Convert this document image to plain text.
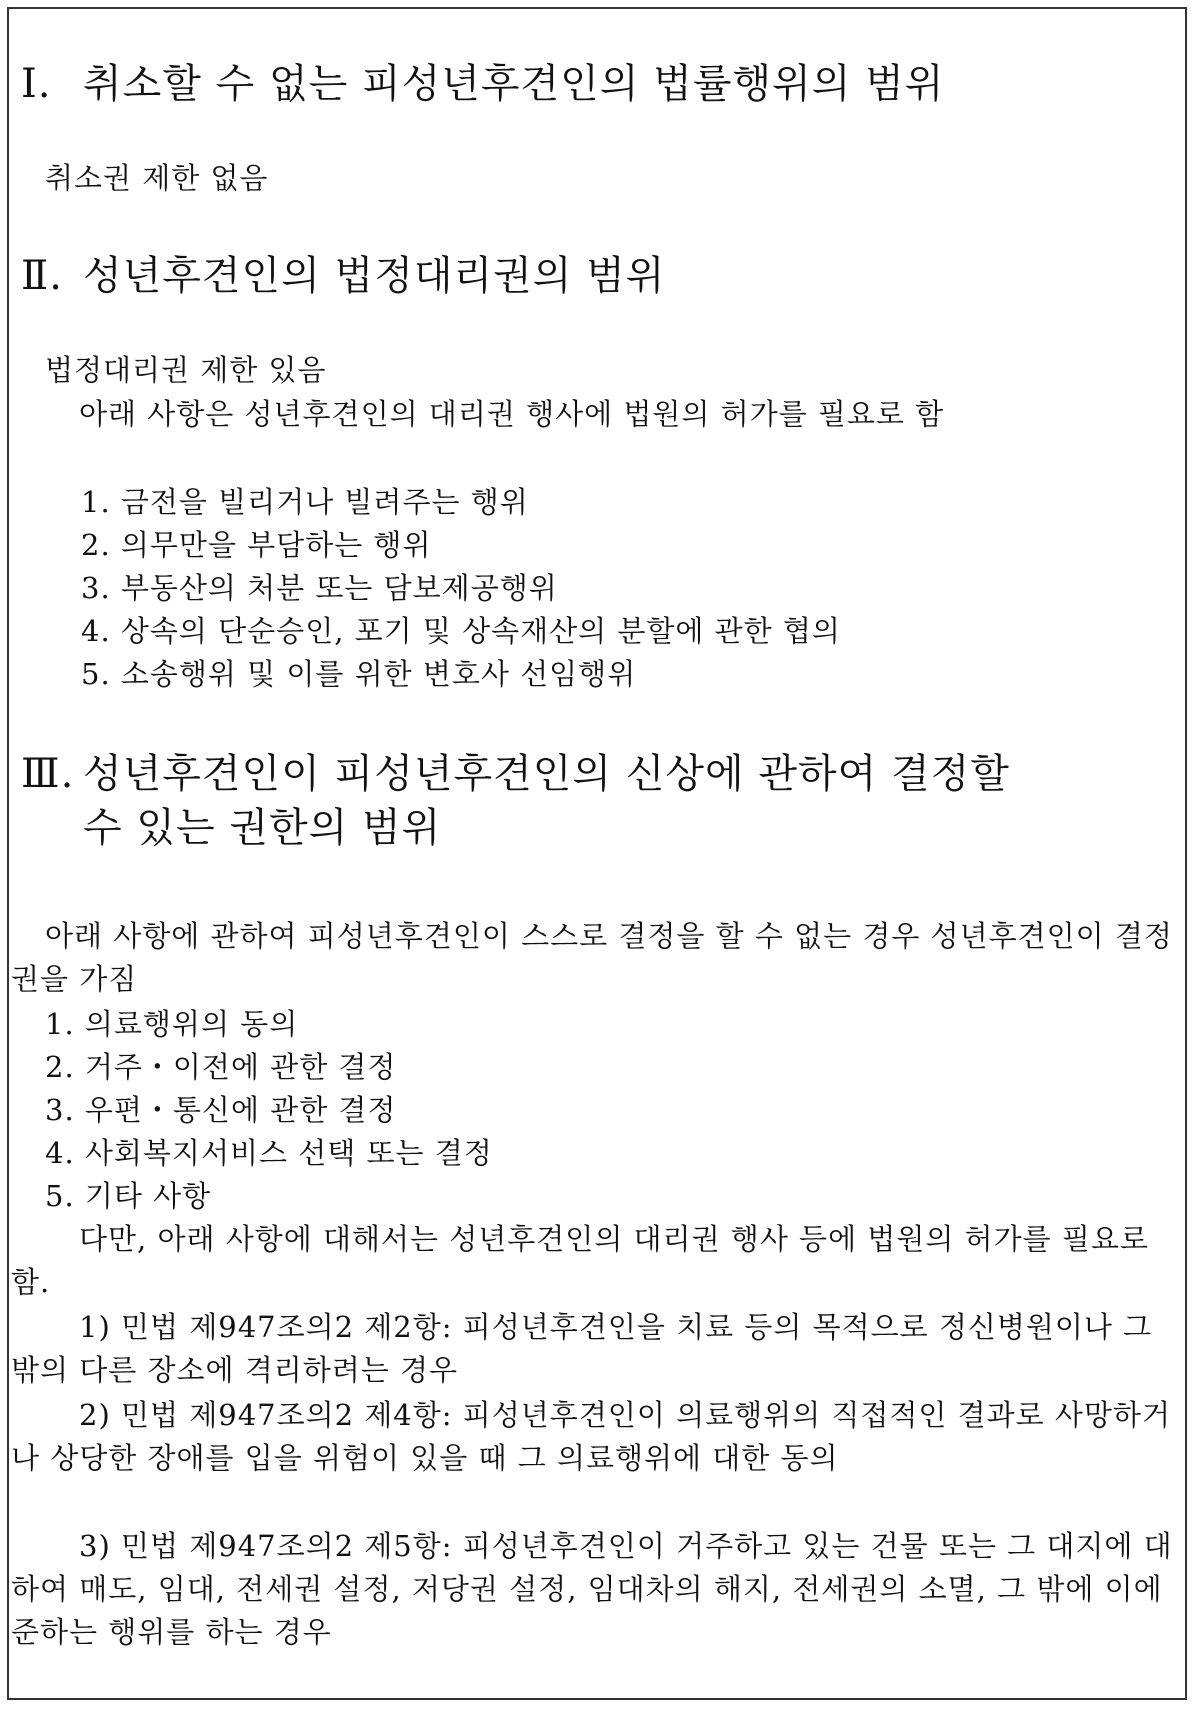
Ⅰ. 취소할 수 없는 피성년후견인의 법률행위의 범위
취소권 제한 없음
Ⅱ. 성년후견인의 법정대리권의 범위
법정대리권 제한 있음
아래 사항은 성년후견인의 대리권 행사에 법원의 허가를 필요로 함
1. 금전을 빌리거나 빌려주는 행위
2. 의무만을 부담하는 행위
3. 부동산의 처분 또는 담보제공행위
4. 상속의 단순승인, 포기 및 상속재산의 분할에 관한 협의
5. 소송행위 및 이를 위한 변호사 선임행위
Ⅲ. 성년후견인이 피성년후견인의 신상에 관하여 결정할
수 있는 권한의 범위
아래 사항에 관하여 피성년후견인이 스스로 결정을 할 수 없는 경우 성년후견인이 결정권을 가짐
1. 의료행위의 동의
2. 거주・이전에 관한 결정
3. 우편・통신에 관한 결정
4. 사회복지서비스 선택 또는 결정
5. 기타 사항
다만, 아래 사항에 대해서는 성년후견인의 대리권 행사 등에 법원의 허가를 필요로 함.
1) 민법 제947조의2 제2항: 피성년후견인을 치료 등의 목적으로 정신병원이나 그밖의 다른 장소에 격리하려는 경우
2) 민법 제947조의2 제4항: 피성년후견인이 의료행위의 직접적인 결과로 사망하거나 상당한 장애를 입을 위험이 있을 때 그 의료행위에 대한 동의
3) 민법 제947조의2 제5항: 피성년후견인이 거주하고 있는 건물 또는 그 대지에 대하여 매도, 임대, 전세권 설정, 저당권 설정, 임대차의 해지, 전세권의 소멸, 그 밖에 이에 준하는 행위를 하는 경우
